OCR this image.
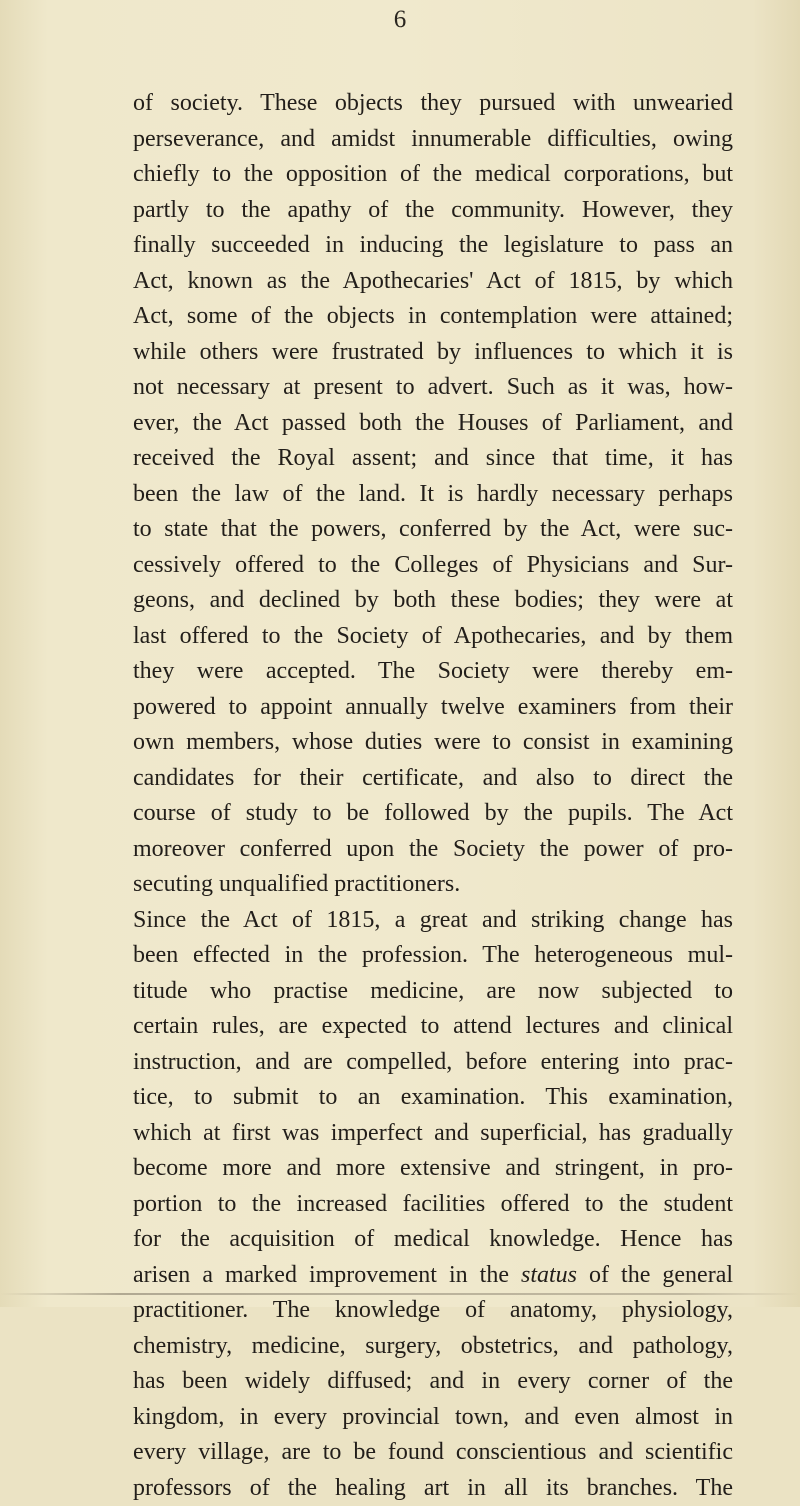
6
of society. These objects they pursued with unwearied
perseverance, and amidst innumerable difficulties, owing
chiefly to the opposition of the medical corporations, but
partly to the apathy of the community. However, they
finally succeeded in inducing the legislature to pass an
Act, known as the Apothecaries' Act of 1815, by which
Act, some of the objects in contemplation were attained;
while others were frustrated by influences to which it is
not necessary at present to advert. Such as it was, how-
ever, the Act passed both the Houses of Parliament, and
received the Royal assent; and since that time, it has
been the law of the land. It is hardly necessary perhaps
to state that the powers, conferred by the Act, were suc-
cessively offered to the Colleges of Physicians and Sur-
geons, and declined by both these bodies; they were at
last offered to the Society of Apothecaries, and by them
they were accepted. The Society were thereby em-
powered to appoint annually twelve examiners from their
own members, whose duties were to consist in examining
candidates for their certificate, and also to direct the
course of study to be followed by the pupils. The Act
moreover conferred upon the Society the power of pro-
secuting unqualified practitioners.
Since the Act of 1815, a great and striking change has
been effected in the profession. The heterogeneous mul-
titude who practise medicine, are now subjected to
certain rules, are expected to attend lectures and clinical
instruction, and are compelled, before entering into prac-
tice, to submit to an examination. This examination,
which at first was imperfect and superficial, has gradually
become more and more extensive and stringent, in pro-
portion to the increased facilities offered to the student
for the acquisition of medical knowledge. Hence has
arisen a marked improvement in the status of the general
practitioner. The knowledge of anatomy, physiology,
chemistry, medicine, surgery, obstetrics, and pathology,
has been widely diffused; and in every corner of the
kingdom, in every provincial town, and even almost in
every village, are to be found conscientious and scientific
professors of the healing art in all its branches. The
